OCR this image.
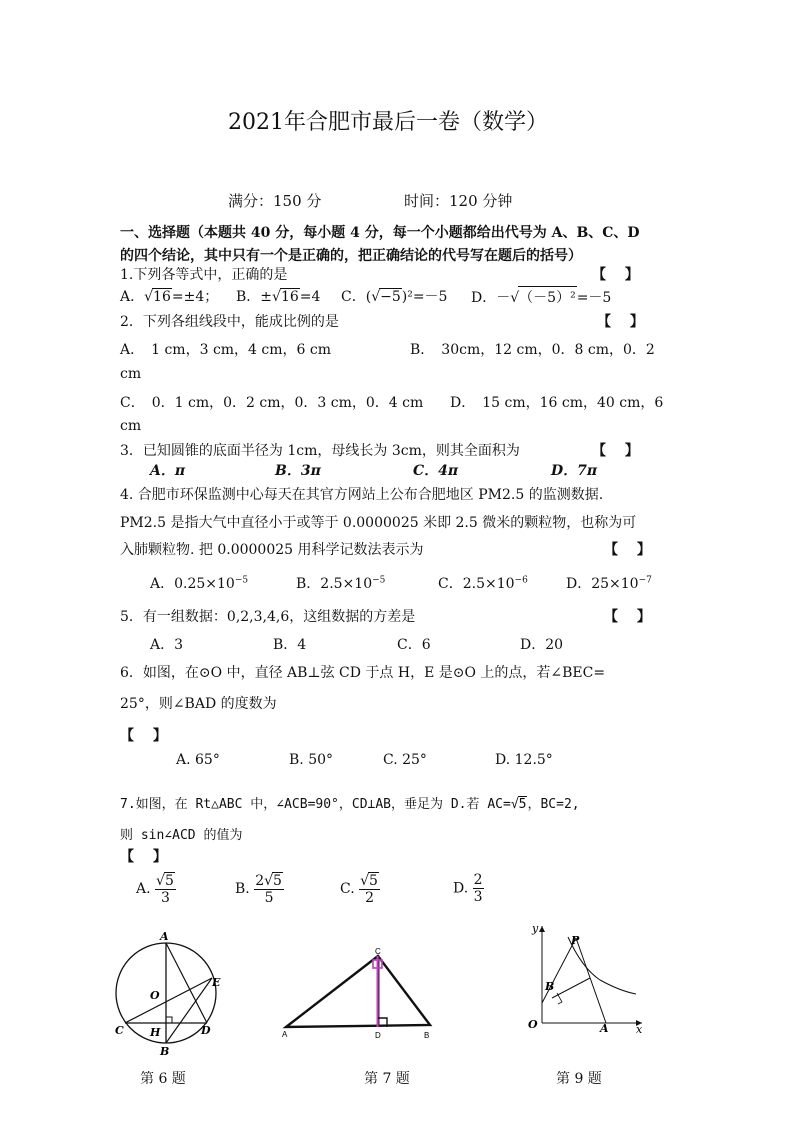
2021年合肥市最后一卷（数学）
满分：150 分	时间：120 分钟
一、选择题（本题共 40 分，每小题 4 分，每一个小题都给出代号为 A、B、C、D
的四个结论，其中只有一个是正确的，把正确结论的代号写在题后的括号）
1.下列各等式中，正确的是	【　 】
A．√16=±4； B．±√16=4 C．(√−5)²=－5 D．－√（－5）²=－5
2．下列各组线段中，能成比例的是	【　 】
A．　1 cm，3 cm，4 cm，6 cm	B．　30cm，12 cm，0．8 cm，0．2
cm
C．　0．1 cm，0．2 cm，0．3 cm，0．4 cm D．　15 cm，16 cm，40 cm，6
cm
3．已知圆锥的底面半径为 1cm，母线长为 3cm，则其全面积为	【　 】
A．π	B．3π	C．4π	D．7π
4. 合肥市环保监测中心每天在其官方网站上公布合肥地区 PM2.5 的监测数据.
PM2.5 是指大气中直径小于或等于 0.0000025 米即 2.5 微米的颗粒物，也称为可
入肺颗粒物. 把 0.0000025 用科学记数法表示为	【　 】
A．$0.25\times 10^{-5}$	B．$2.5\times 10^{-5}$	C．$2.5\times 10^{-6}$	D．$25\times 10^{-7}$
5．有一组数据：0,2,3,4,6，这组数据的方差是	【　 】
A．3	B．4	C．6	D．20
6．如图，在⊙O 中，直径 AB⊥弦 CD 于点 H，E 是⊙O 上的点，若∠BEC=
25°，则∠BAD 的度数为
【　 】
A. 65°	B. 50°	C. 25°	D. 12.5°
7.如图，在 Rt△ABC 中，∠ACB=90°，CD⊥AB，垂足为 D.若 AC=√5，BC=2,
则 sin∠ACD 的值为
【　 】
A. $\frac{√5}{3}$	B. $\frac{2√5}{5}$	C. $\frac{√5}{2}$	D. $\frac{2}{3}$
A
O
E
C H	D
B
C
A	D	B
y
x
O	A
B
P
第 6 题	第 7 题	第 9 题
